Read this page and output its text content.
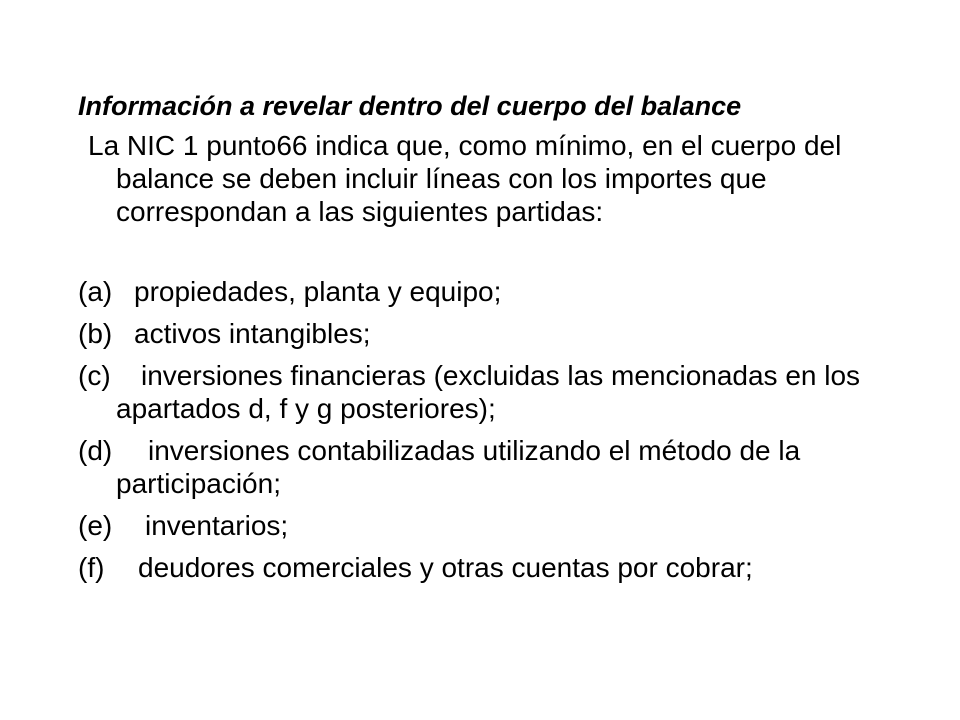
Información a revelar dentro del cuerpo del balance

La NIC 1 punto66 indica que, como mínimo, en el cuerpo del balance se deben incluir líneas con los importes que correspondan a las siguientes partidas:

(a) propiedades, planta y equipo;

(b) activos intangibles;

(c) inversiones financieras (excluidas las mencionadas en los apartados d, f y g posteriores);

(d) inversiones contabilizadas utilizando el método de la participación;

(e) inventarios;

(f) deudores comerciales y otras cuentas por cobrar;
